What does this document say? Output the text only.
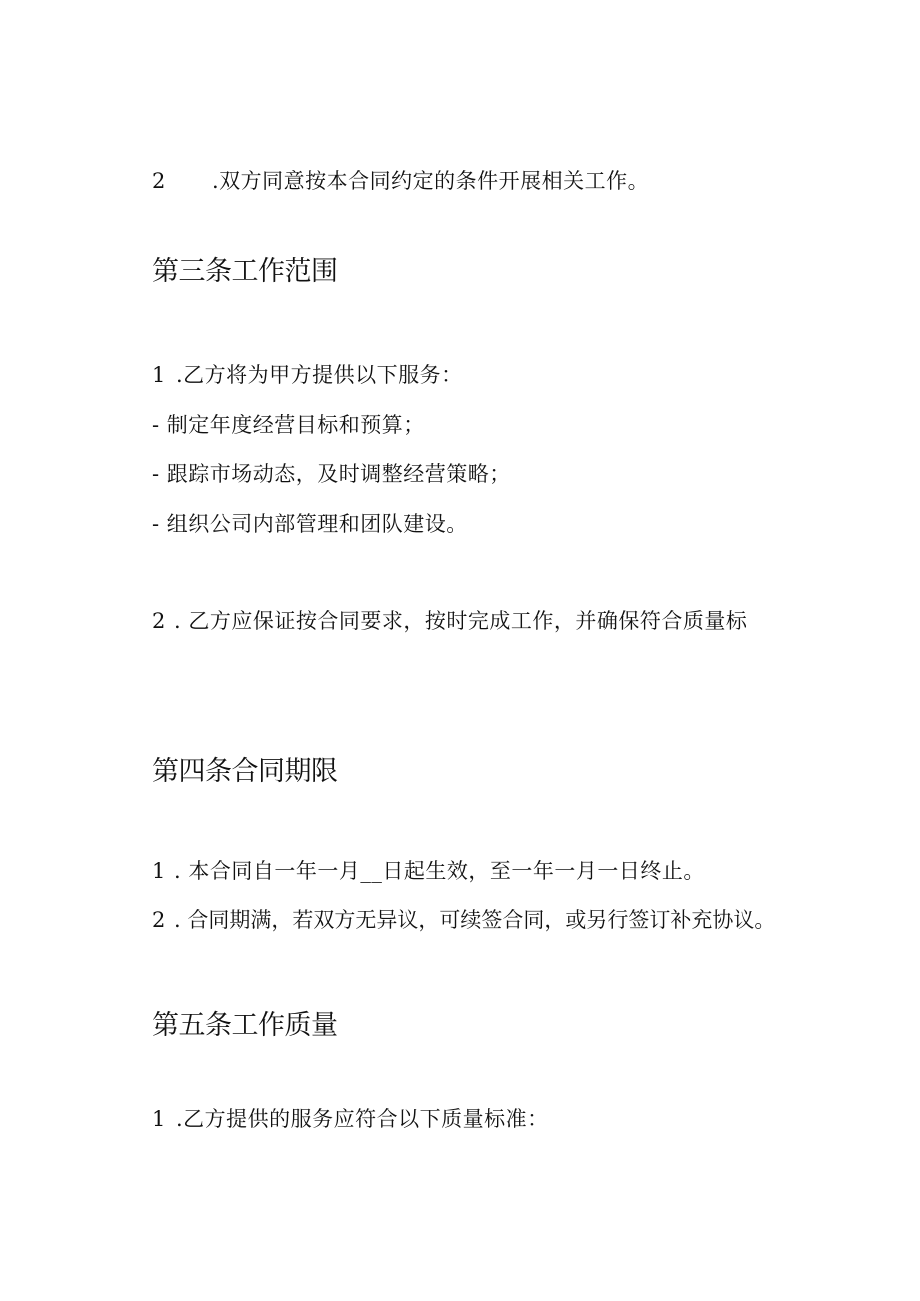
2 .双方同意按本合同约定的条件开展相关工作。
第三条工作范围
1 .乙方将为甲方提供以下服务：
- 制定年度经营目标和预算；
- 跟踪市场动态，及时调整经营策略；
- 组织公司内部管理和团队建设。
2 . 乙方应保证按合同要求，按时完成工作，并确保符合质量标
第四条合同期限
1 . 本合同自一年一月__日起生效，至一年一月一日终止。
2 . 合同期满，若双方无异议，可续签合同，或另行签订补充协议。
第五条工作质量
1 .乙方提供的服务应符合以下质量标准：
